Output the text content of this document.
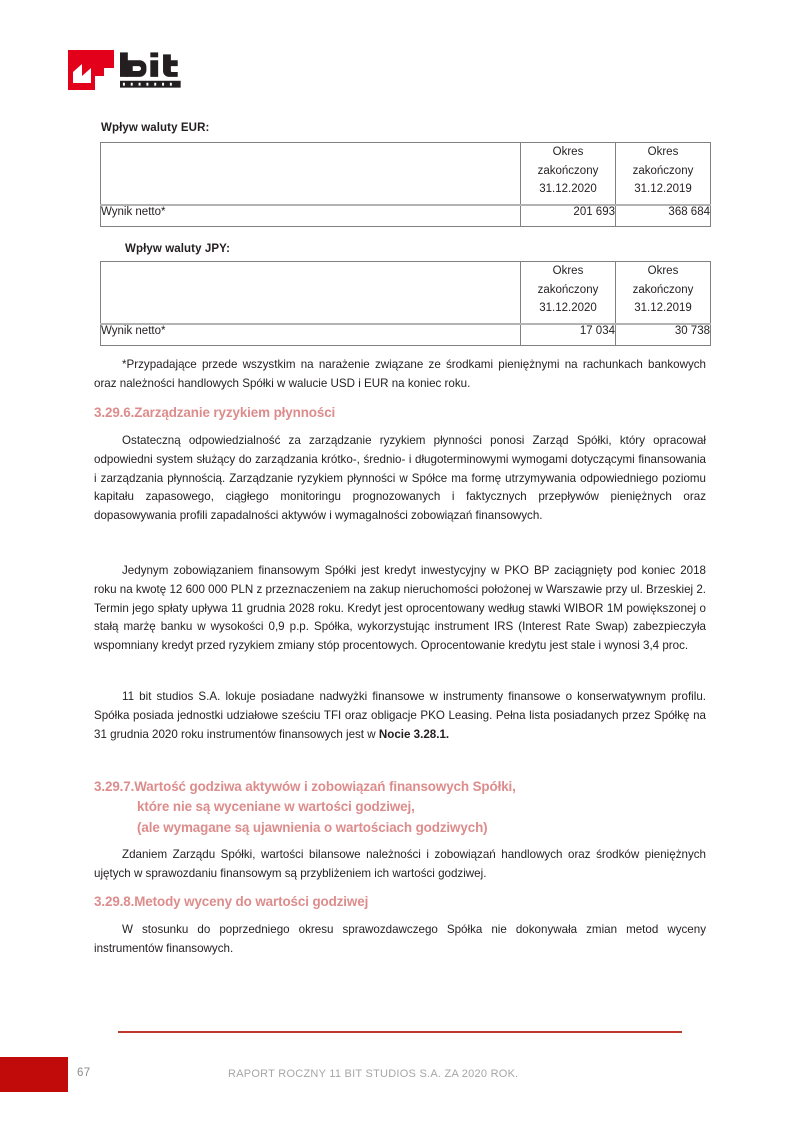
Wpływ waluty EUR:

	Okres
zakończony
31.12.2020	Okres
zakończony
31.12.2019

Wynik netto*	201 693	368 684
Wpływ waluty JPY:

	Okres
zakończony
31.12.2020	Okres
zakończony
31.12.2019

Wynik netto*	17 034	30 738

*Przypadające przede wszystkim na narażenie związane ze środkami pieniężnymi na rachunkach bankowych oraz należności handlowych Spółki w walucie USD i EUR na koniec roku.

3.29.6.Zarządzanie ryzykiem płynności

Ostateczną odpowiedzialność za zarządzanie ryzykiem płynności ponosi Zarząd Spółki, który opracował odpowiedni system służący do zarządzania krótko-, średnio- i długoterminowymi wymogami dotyczącymi finansowania i zarządzania płynnością. Zarządzanie ryzykiem płynności w Spółce ma formę utrzymywania odpowiedniego poziomu kapitału zapasowego, ciągłego monitoringu prognozowanych i faktycznych przepływów pieniężnych oraz dopasowywania profili zapadalności aktywów i wymagalności zobowiązań finansowych.

Jedynym zobowiązaniem finansowym Spółki jest kredyt inwestycyjny w PKO BP zaciągnięty pod koniec 2018 roku na kwotę 12 600 000 PLN z przeznaczeniem na zakup nieruchomości położonej w Warszawie przy ul. Brzeskiej 2. Termin jego spłaty upływa 11 grudnia 2028 roku. Kredyt jest oprocentowany według stawki WIBOR 1M powiększonej o stałą marżę banku w wysokości 0,9 p.p. Spółka, wykorzystując instrument IRS (Interest Rate Swap) zabezpieczyła wspomniany kredyt przed ryzykiem zmiany stóp procentowych. Oprocentowanie kredytu jest stale i wynosi 3,4 proc.

11 bit studios S.A. lokuje posiadane nadwyżki finansowe w instrumenty finansowe o konserwatywnym profilu. Spółka posiada jednostki udziałowe sześciu TFI oraz obligacje PKO Leasing. Pełna lista posiadanych przez Spółkę na 31 grudnia 2020 roku instrumentów finansowych jest w Nocie 3.28.1.

3.29.7.Wartość godziwa aktywów i zobowiązań finansowych Spółki,
które nie są wyceniane w wartości godziwej,
(ale wymagane są ujawnienia o wartościach godziwych)

Zdaniem Zarządu Spółki, wartości bilansowe należności i zobowiązań handlowych oraz środków pieniężnych ujętych w sprawozdaniu finansowym są przybliżeniem ich wartości godziwej.

3.29.8.Metody wyceny do wartości godziwej

W stosunku do poprzedniego okresu sprawozdawczego Spółka nie dokonywała zmian metod wyceny instrumentów finansowych.

67	RAPORT ROCZNY 11 BIT STUDIOS S.A. ZA 2020 ROK.
